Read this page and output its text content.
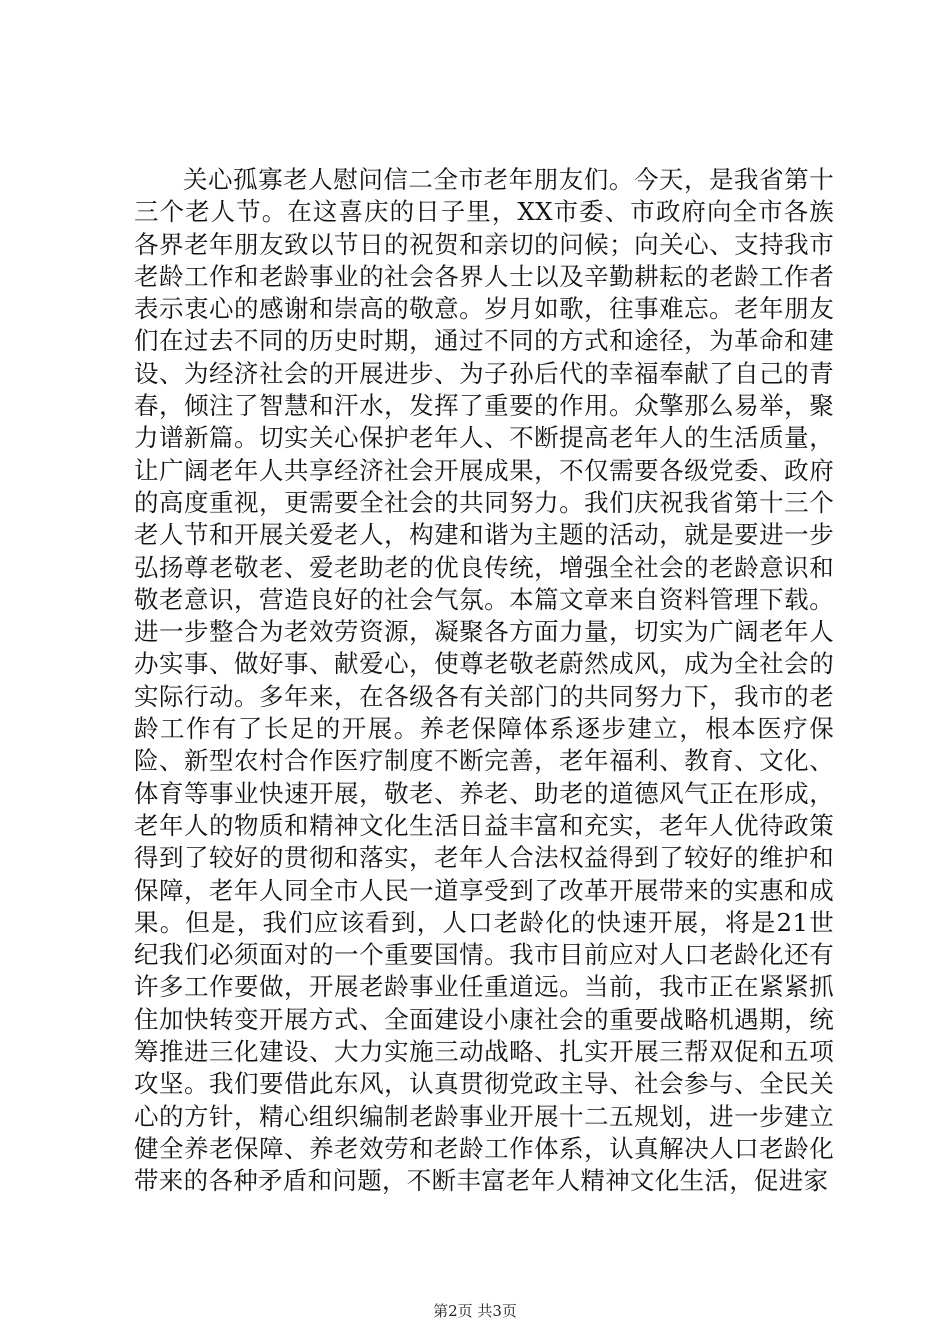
关心孤寡老人慰问信二全市老年朋友们。今天，是我省第十三个老人节。在这喜庆的日子里，XX市委、市政府向全市各族各界老年朋友致以节日的祝贺和亲切的问候；向关心、支持我市老龄工作和老龄事业的社会各界人士以及辛勤耕耘的老龄工作者表示衷心的感谢和崇高的敬意。岁月如歌，往事难忘。老年朋友们在过去不同的历史时期，通过不同的方式和途径，为革命和建设、为经济社会的开展进步、为子孙后代的幸福奉献了自己的青春，倾注了智慧和汗水，发挥了重要的作用。众擎那么易举，聚力谱新篇。切实关心保护老年人、不断提高老年人的生活质量，让广阔老年人共享经济社会开展成果，不仅需要各级党委、政府的高度重视，更需要全社会的共同努力。我们庆祝我省第十三个老人节和开展关爱老人，构建和谐为主题的活动，就是要进一步弘扬尊老敬老、爱老助老的优良传统，增强全社会的老龄意识和敬老意识，营造良好的社会气氛。本篇文章来自资料管理下载。进一步整合为老效劳资源，凝聚各方面力量，切实为广阔老年人办实事、做好事、献爱心，使尊老敬老蔚然成风，成为全社会的实际行动。多年来，在各级各有关部门的共同努力下，我市的老龄工作有了长足的开展。养老保障体系逐步建立，根本医疗保险、新型农村合作医疗制度不断完善，老年福利、教育、文化、体育等事业快速开展，敬老、养老、助老的道德风气正在形成，老年人的物质和精神文化生活日益丰富和充实，老年人优待政策得到了较好的贯彻和落实，老年人合法权益得到了较好的维护和保障，老年人同全市人民一道享受到了改革开展带来的实惠和成果。但是，我们应该看到，人口老龄化的快速开展，将是21世纪我们必须面对的一个重要国情。我市目前应对人口老龄化还有许多工作要做，开展老龄事业任重道远。当前，我市正在紧紧抓住加快转变开展方式、全面建设小康社会的重要战略机遇期，统筹推进三化建设、大力实施三动战略、扎实开展三帮双促和五项攻坚。我们要借此东风，认真贯彻党政主导、社会参与、全民关心的方针，精心组织编制老龄事业开展十二五规划，进一步建立健全养老保障、养老效劳和老龄工作体系，认真解决人口老龄化带来的各种矛盾和问题，不断丰富老年人精神文化生活，促进家

第2页 共3页
